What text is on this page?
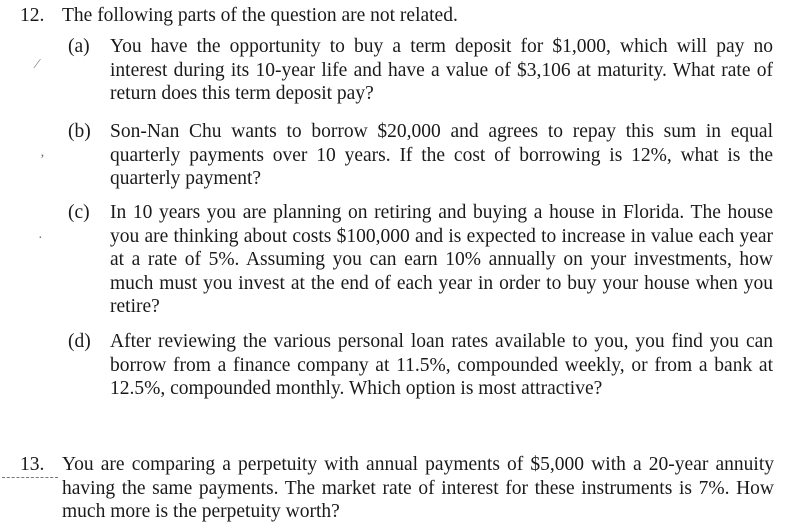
12. The following parts of the question are not related.
(a) You have the opportunity to buy a term deposit for $1,000, which will pay no interest during its 10-year life and have a value of $3,106 at maturity. What rate of return does this term deposit pay?
⁄
(b) Son-Nan Chu wants to borrow $20,000 and agrees to repay this sum in equal quarterly payments over 10 years. If the cost of borrowing is 12%, what is the quarterly payment?
‚
(c) In 10 years you are planning on retiring and buying a house in Florida. The house you are thinking about costs $100,000 and is expected to increase in value each year at a rate of 5%. Assuming you can earn 10% annually on your investments, how much must you invest at the end of each year in order to buy your house when you retire?
·
(d) After reviewing the various personal loan rates available to you, you find you can borrow from a finance company at 11.5%, compounded weekly, or from a bank at 12.5%, compounded monthly. Which option is most attractive?
13. You are comparing a perpetuity with annual payments of $5,000 with a 20-year annuity having the same payments. The market rate of interest for these instruments is 7%. How much more is the perpetuity worth?
